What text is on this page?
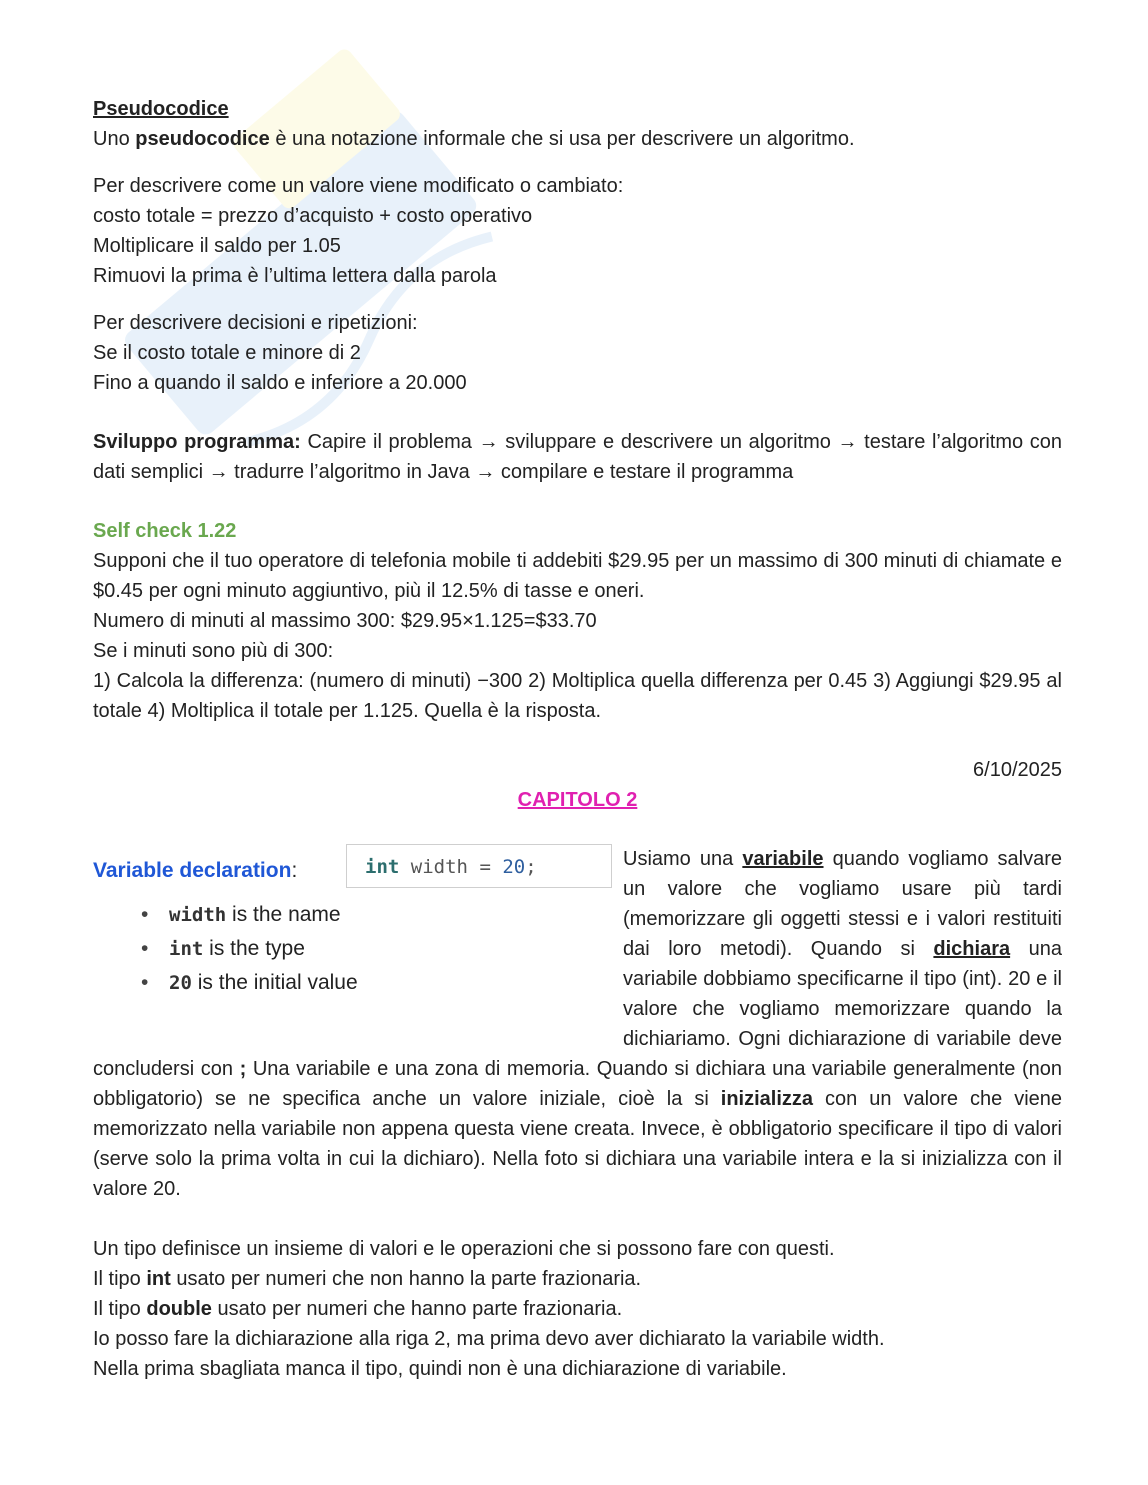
Pseudocodice

Uno pseudocodice è una notazione informale che si usa per descrivere un algoritmo.

Per descrivere come un valore viene modificato o cambiato:

costo totale = prezzo d’acquisto + costo operativo

Moltiplicare il saldo per 1.05

Rimuovi la prima è l’ultima lettera dalla parola

Per descrivere decisioni e ripetizioni:

Se il costo totale e minore di 2

Fino a quando il saldo e inferiore a 20.000

Sviluppo programma: Capire il problema → sviluppare e descrivere un algoritmo → testare l’algoritmo con dati semplici → tradurre l’algoritmo in Java → compilare e testare il programma

Self check 1.22

Supponi che il tuo operatore di telefonia mobile ti addebiti $29.95 per un massimo di 300 minuti di chiamate e $0.45 per ogni minuto aggiuntivo, più il 12.5% di tasse e oneri.

Numero di minuti al massimo 300: $29.95×1.125=$33.70

Se i minuti sono più di 300:

1) Calcola la differenza: (numero di minuti) −300 2) Moltiplica quella differenza per 0.45 3) Aggiungi $29.95 al totale 4) Moltiplica il totale per 1.125. Quella è la risposta.

6/10/2025

CAPITOLO 2

Variable declaration:	int width = 20;
• width is the name
• int is the type
• 20 is the initial value

Usiamo una variabile quando vogliamo salvare un valore che vogliamo usare più tardi (memorizzare gli oggetti stessi e i valori restituiti dai loro metodi). Quando si dichiara una variabile dobbiamo specificarne il tipo (int). 20 e il valore che vogliamo memorizzare quando la dichiariamo. Ogni dichiarazione di variabile deve concludersi con ; Una variabile e una zona di memoria. Quando si dichiara una variabile generalmente (non obbligatorio) se ne specifica anche un valore iniziale, cioè la si inizializza con un valore che viene memorizzato nella variabile non appena questa viene creata. Invece, è obbligatorio specificare il tipo di valori (serve solo la prima volta in cui la dichiaro). Nella foto si dichiara una variabile intera e la si inizializza con il valore 20.

Un tipo definisce un insieme di valori e le operazioni che si possono fare con questi.

Il tipo int usato per numeri che non hanno la parte frazionaria.

Il tipo double usato per numeri che hanno parte frazionaria.

Io posso fare la dichiarazione alla riga 2, ma prima devo aver dichiarato la variabile width.

Nella prima sbagliata manca il tipo, quindi non è una dichiarazione di variabile.
